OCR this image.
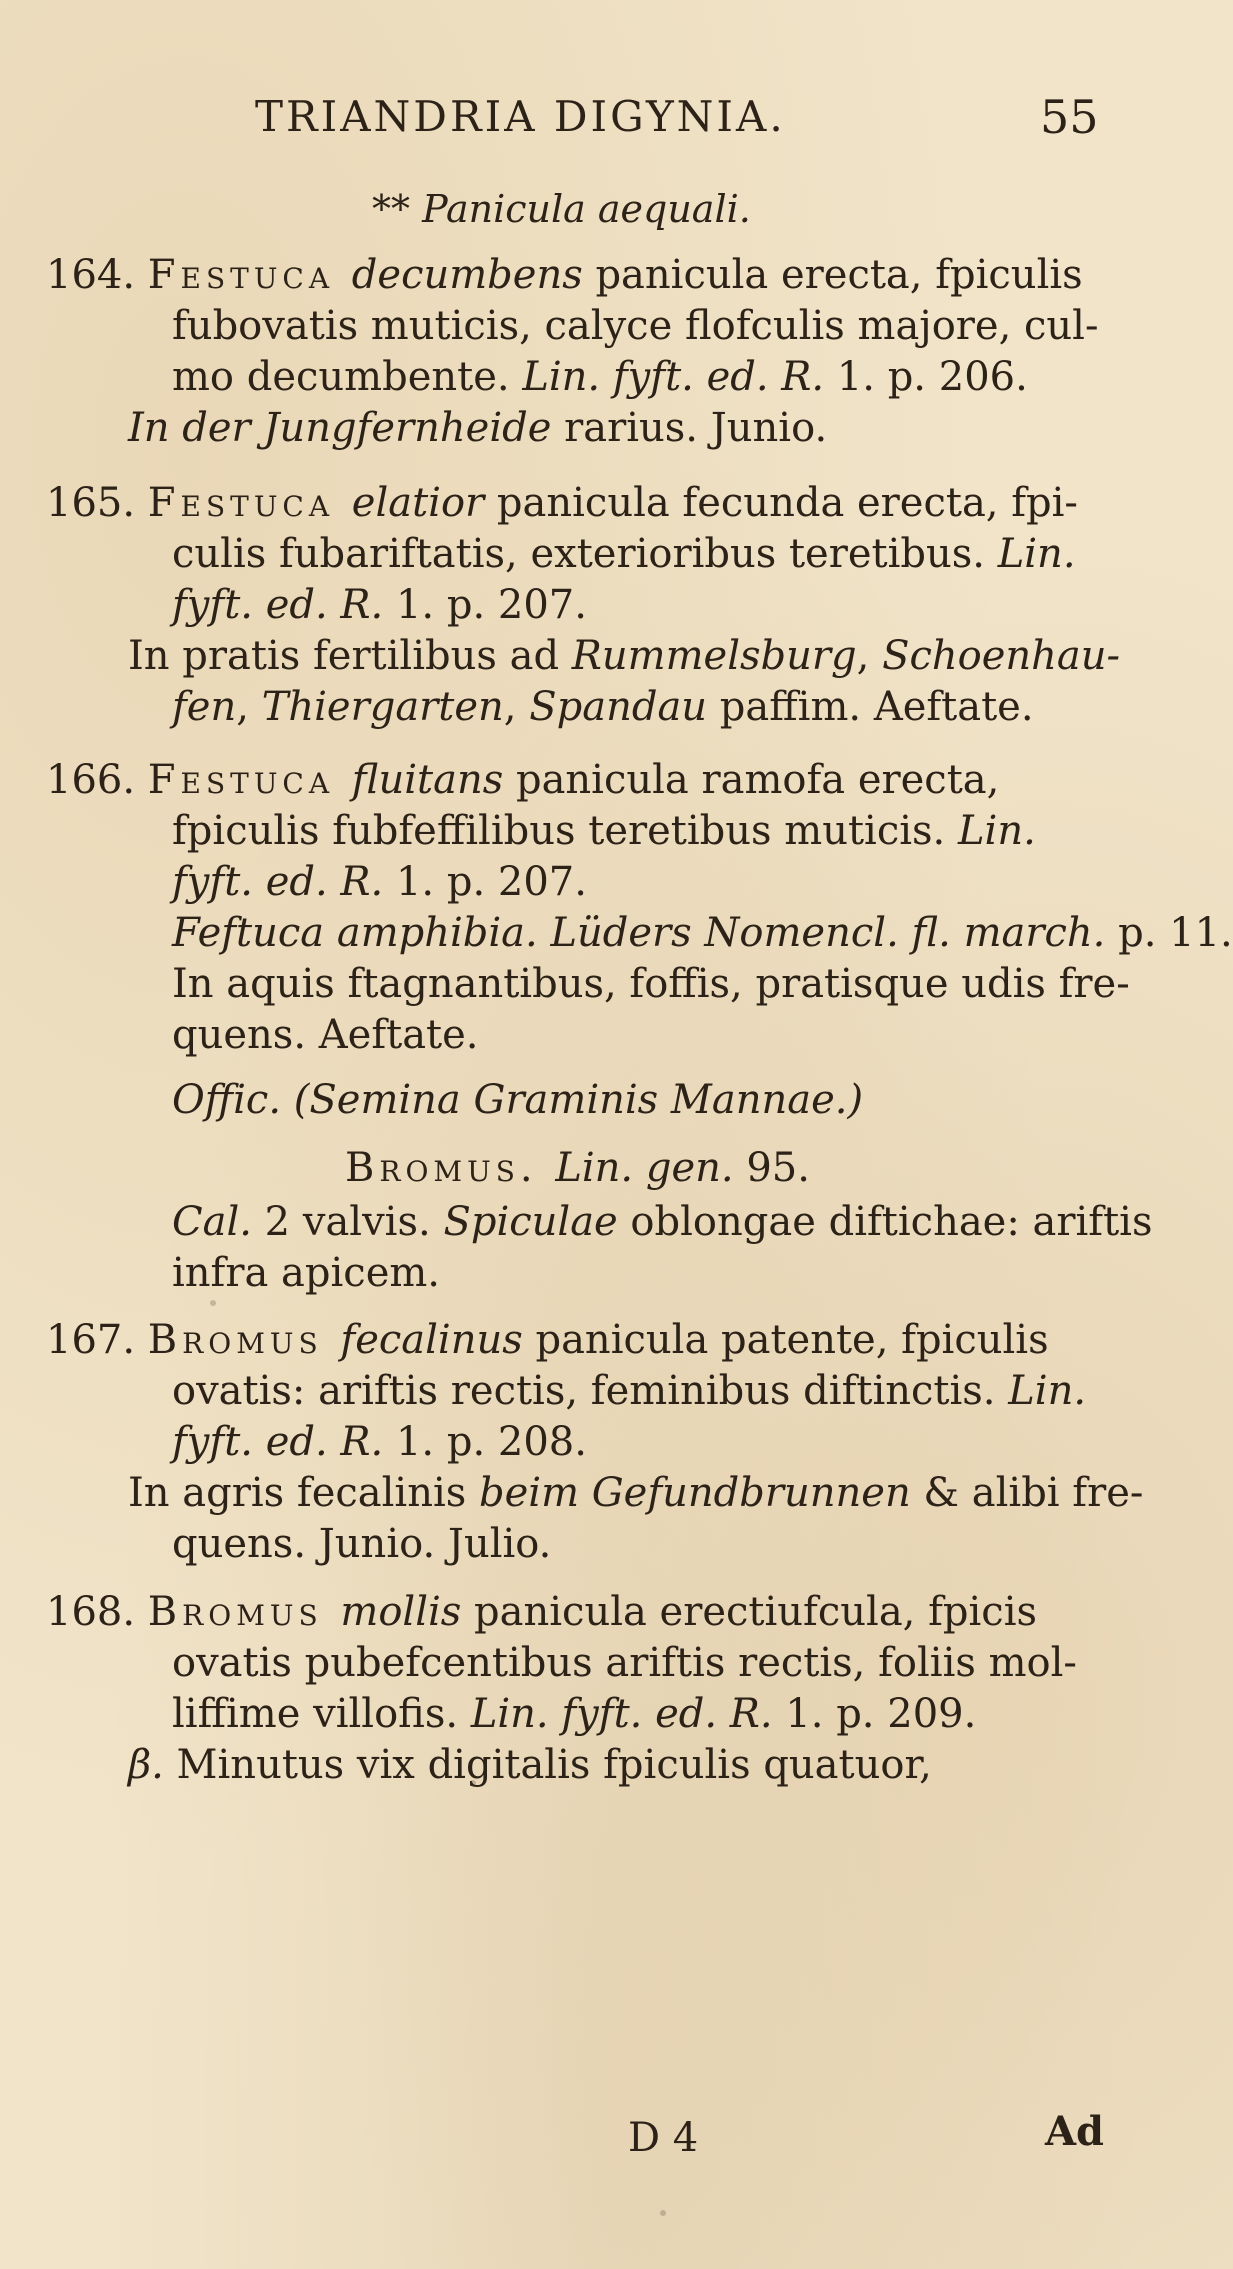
TRIANDRIA DIGYNIA.	55
** Panicula aequali.
164. Festuca decumbens panicula erecta, fpiculis
fubovatis muticis, calyce flofculis majore, cul-
mo decumbente. Lin. fyft. ed. R. 1. p. 206.
In der Jungfernheide rarius. Junio.
165. Festuca elatior panicula fecunda erecta, fpi-
culis fubariftatis, exterioribus teretibus. Lin.
fyft. ed. R. 1. p. 207.
In pratis fertilibus ad Rummelsburg, Schoenhau-
fen, Thiergarten, Spandau paffim. Aeftate.
166. Festuca fluitans panicula ramofa erecta,
fpiculis fubfeffilibus teretibus muticis. Lin.
fyft. ed. R. 1. p. 207.
Feftuca amphibia. Lüders Nomencl. fl. march. p. 11.
In aquis ftagnantibus, foffis, pratisque udis fre-
quens. Aeftate.
Offic. (Semina Graminis Mannae.)
Bromus. Lin. gen. 95.
Cal. 2 valvis. Spiculae oblongae diftichae: ariftis
infra apicem.
167. Bromus fecalinus panicula patente, fpiculis
ovatis: ariftis rectis, feminibus diftinctis. Lin.
fyft. ed. R. 1. p. 208.
In agris fecalinis beim Gefundbrunnen & alibi fre-
quens. Junio. Julio.
168. Bromus mollis panicula erectiufcula, fpicis
ovatis pubefcentibus ariftis rectis, foliis mol-
liffime villofis. Lin. fyft. ed. R. 1. p. 209.
β. Minutus vix digitalis fpiculis quatuor,
D 4	Ad
